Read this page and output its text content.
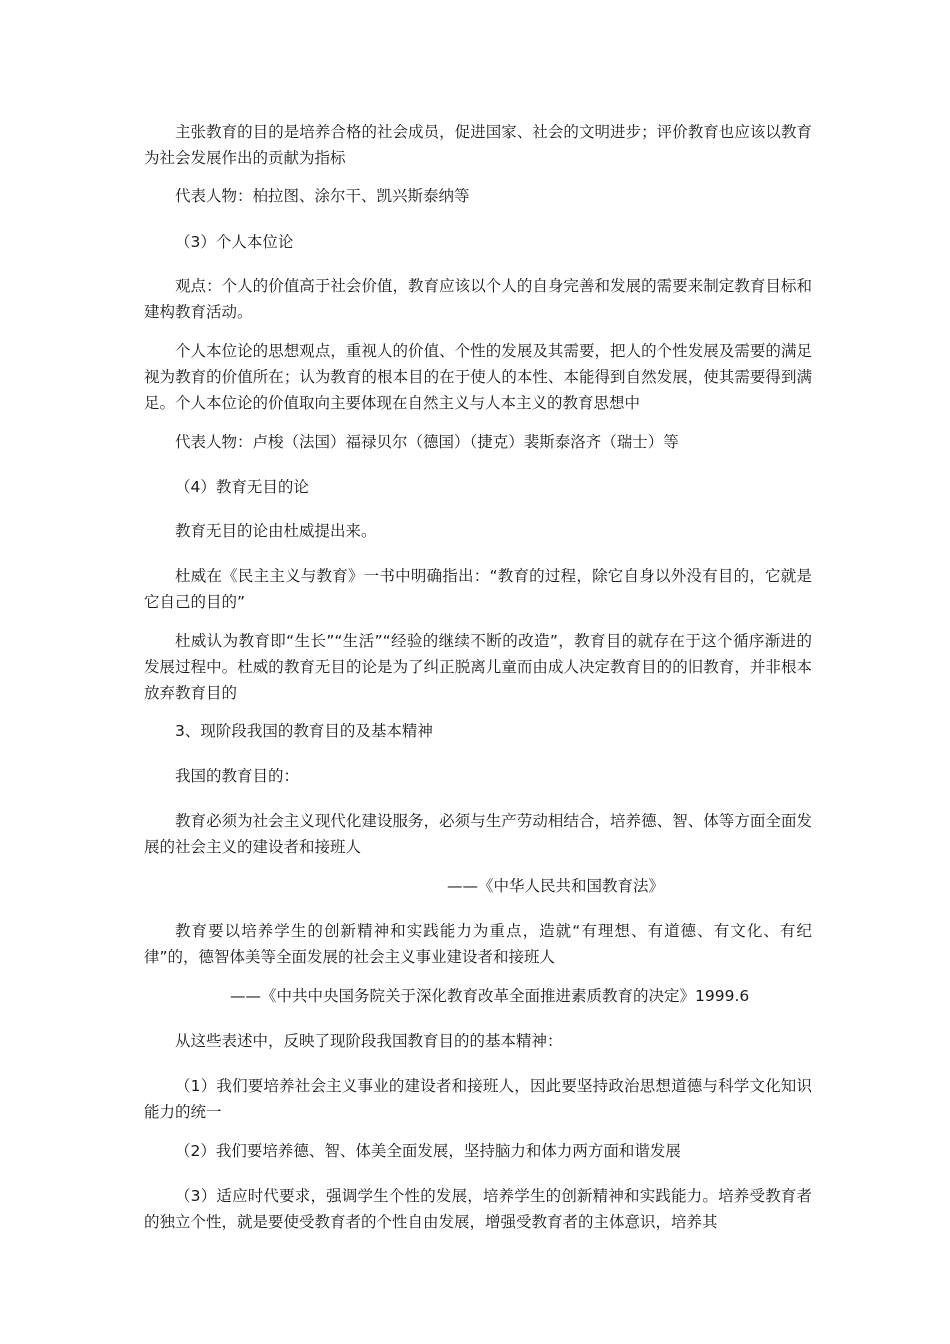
主张教育的目的是培养合格的社会成员，促进国家、社会的文明进步；评价教育也应该以教育为社会发展作出的贡献为指标

代表人物：柏拉图、涂尔干、凯兴斯泰纳等

（3）个人本位论

观点：个人的价值高于社会价值，教育应该以个人的自身完善和发展的需要来制定教育目标和建构教育活动。

个人本位论的思想观点，重视人的价值、个性的发展及其需要，把人的个性发展及需要的满足视为教育的价值所在；认为教育的根本目的在于使人的本性、本能得到自然发展，使其需要得到满足。个人本位论的价值取向主要体现在自然主义与人本主义的教育思想中

代表人物：卢梭（法国）福禄贝尔（德国）（捷克）裴斯泰洛齐（瑞士）等

（4）教育无目的论

教育无目的论由杜威提出来。

杜威在《民主主义与教育》一书中明确指出：“教育的过程，除它自身以外没有目的，它就是它自己的目的”

杜威认为教育即“生长”“生活”“经验的继续不断的改造”，教育目的就存在于这个循序渐进的发展过程中。杜威的教育无目的论是为了纠正脱离儿童而由成人决定教育目的的旧教育，并非根本放弃教育目的

3、现阶段我国的教育目的及基本精神

我国的教育目的：

教育必须为社会主义现代化建设服务，必须与生产劳动相结合，培养德、智、体等方面全面发展的社会主义的建设者和接班人

——《中华人民共和国教育法》

教育要以培养学生的创新精神和实践能力为重点，造就“有理想、有道德、有文化、有纪律”的，德智体美等全面发展的社会主义事业建设者和接班人

——《中共中央国务院关于深化教育改革全面推进素质教育的决定》1999.6

从这些表述中，反映了现阶段我国教育目的的基本精神：

（1）我们要培养社会主义事业的建设者和接班人，因此要坚持政治思想道德与科学文化知识能力的统一

（2）我们要培养德、智、体美全面发展，坚持脑力和体力两方面和谐发展

（3）适应时代要求，强调学生个性的发展，培养学生的创新精神和实践能力。培养受教育者的独立个性，就是要使受教育者的个性自由发展，增强受教育者的主体意识，培养其
